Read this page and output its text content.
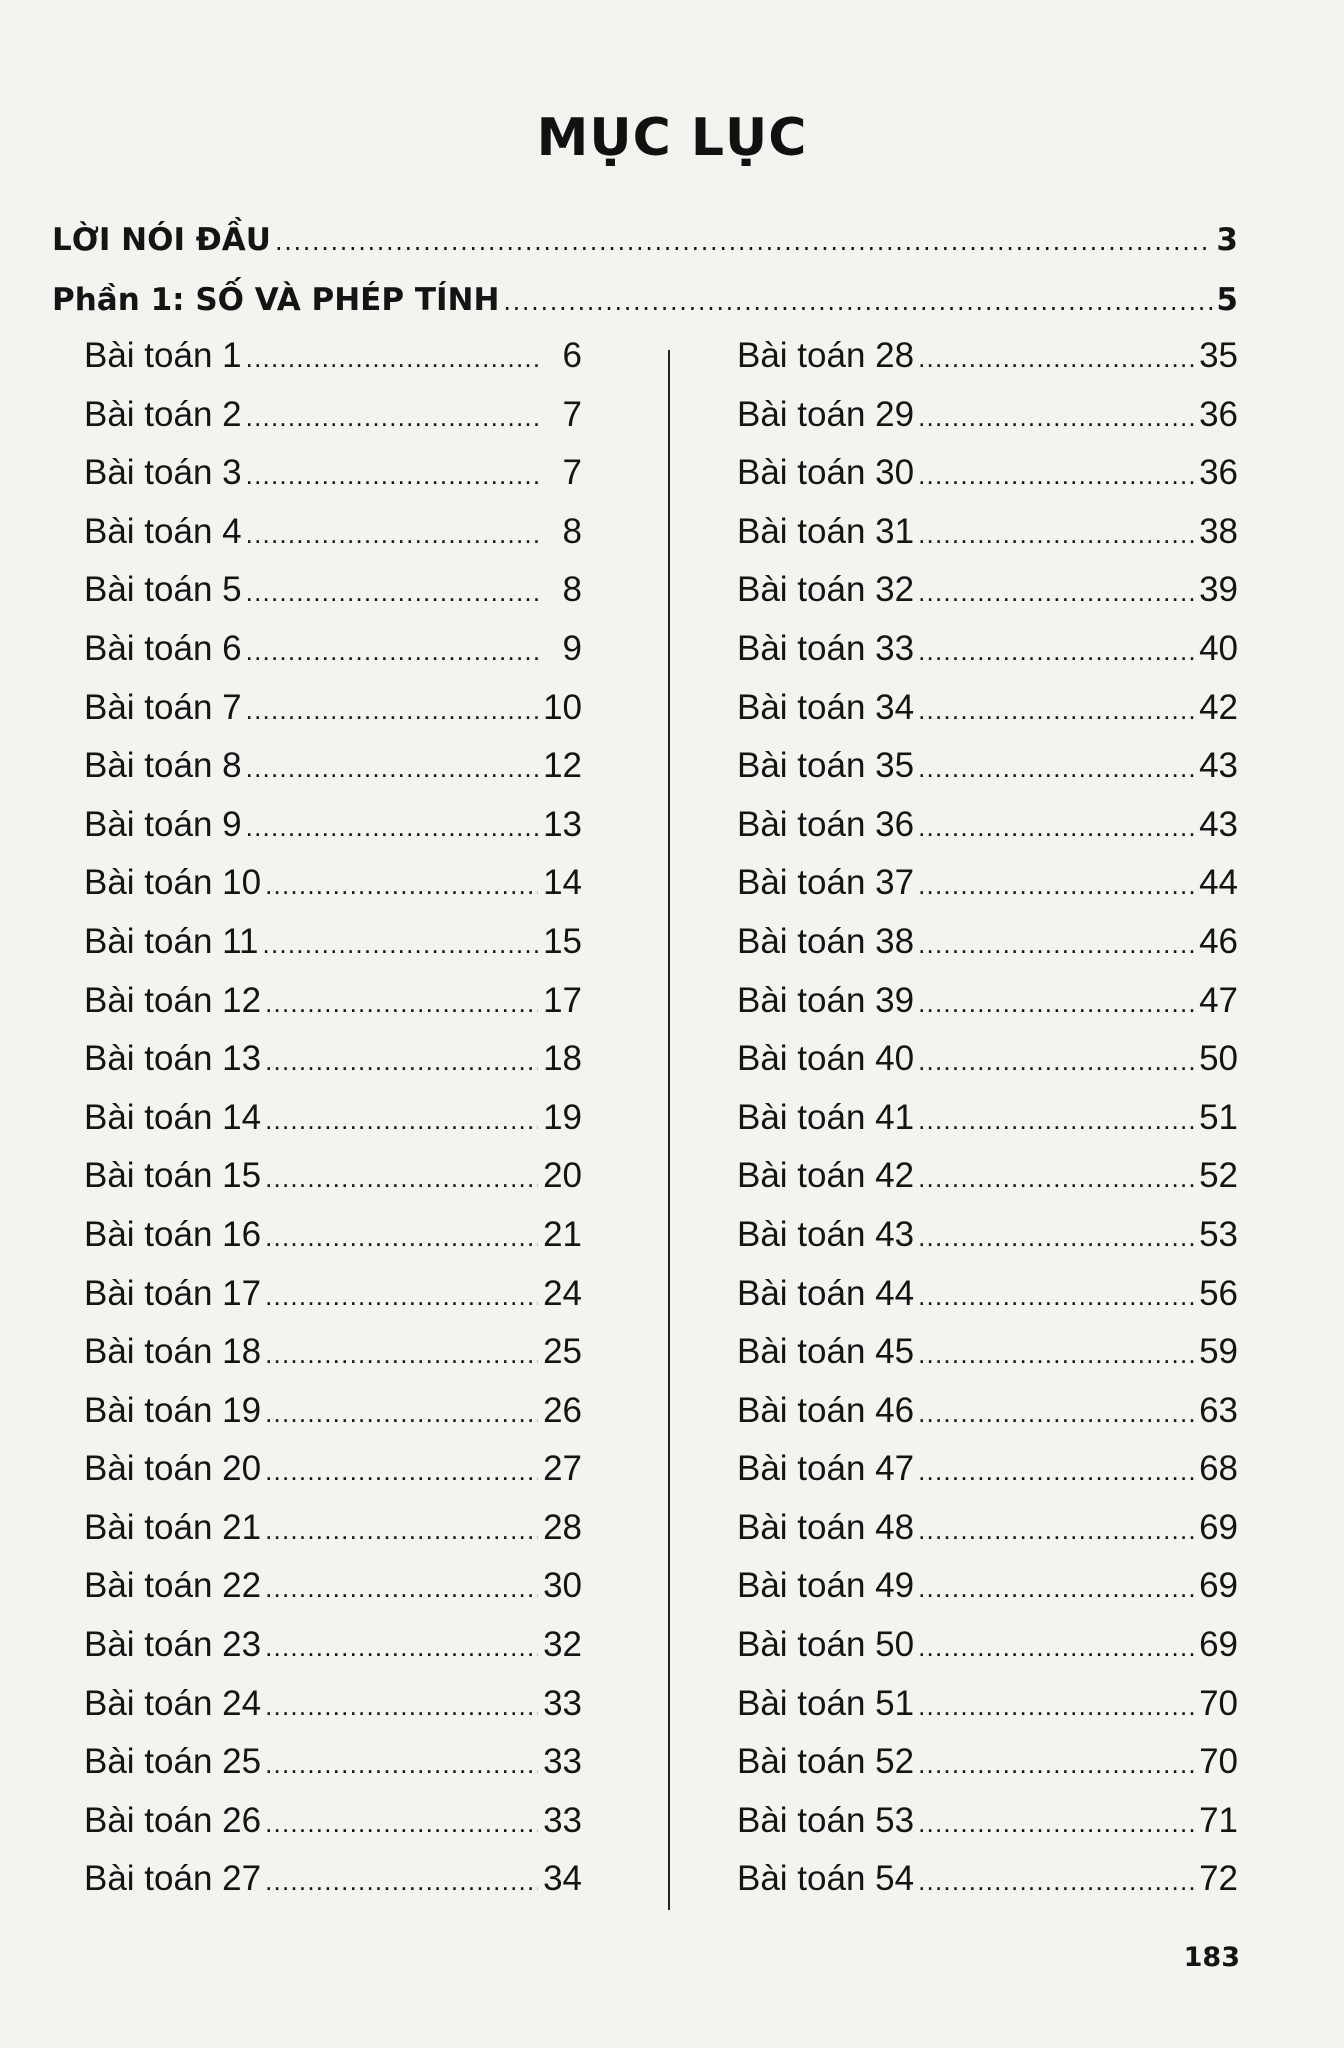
MỤC LỤC
LỜI NÓI ĐẦU . . .	3
Phần 1: SỐ VÀ PHÉP TÍNH . . .	5
Bài toán 1 . . .	6
Bài toán 2 . . .	7
Bài toán 3 . . .	7
Bài toán 4 . . .	8
Bài toán 5 . . .	8
Bài toán 6 . . .	9
Bài toán 7 . . .	10
Bài toán 8 . . .	12
Bài toán 9 . . .	13
Bài toán 10 . . .	14
Bài toán 11 . . .	15
Bài toán 12 . . .	17
Bài toán 13 . . .	18
Bài toán 14 . . .	19
Bài toán 15 . . .	20
Bài toán 16 . . .	21
Bài toán 17 . . .	24
Bài toán 18 . . .	25
Bài toán 19 . . .	26
Bài toán 20 . . .	27
Bài toán 21 . . .	28
Bài toán 22 . . .	30
Bài toán 23 . . .	32
Bài toán 24 . . .	33
Bài toán 25 . . .	33
Bài toán 26 . . .	33
Bài toán 27 . . .	34
Bài toán 28 . . .	35
Bài toán 29 . . .	36
Bài toán 30 . . .	36
Bài toán 31 . . .	38
Bài toán 32 . . .	39
Bài toán 33 . . .	40
Bài toán 34 . . .	42
Bài toán 35 . . .	43
Bài toán 36 . . .	43
Bài toán 37 . . .	44
Bài toán 38 . . .	46
Bài toán 39 . . .	47
Bài toán 40 . . .	50
Bài toán 41 . . .	51
Bài toán 42 . . .	52
Bài toán 43 . . .	53
Bài toán 44 . . .	56
Bài toán 45 . . .	59
Bài toán 46 . . .	63
Bài toán 47 . . .	68
Bài toán 48 . . .	69
Bài toán 49 . . .	69
Bài toán 50 . . .	69
Bài toán 51 . . .	70
Bài toán 52 . . .	70
Bài toán 53 . . .	71
Bài toán 54 . . .	72
183
